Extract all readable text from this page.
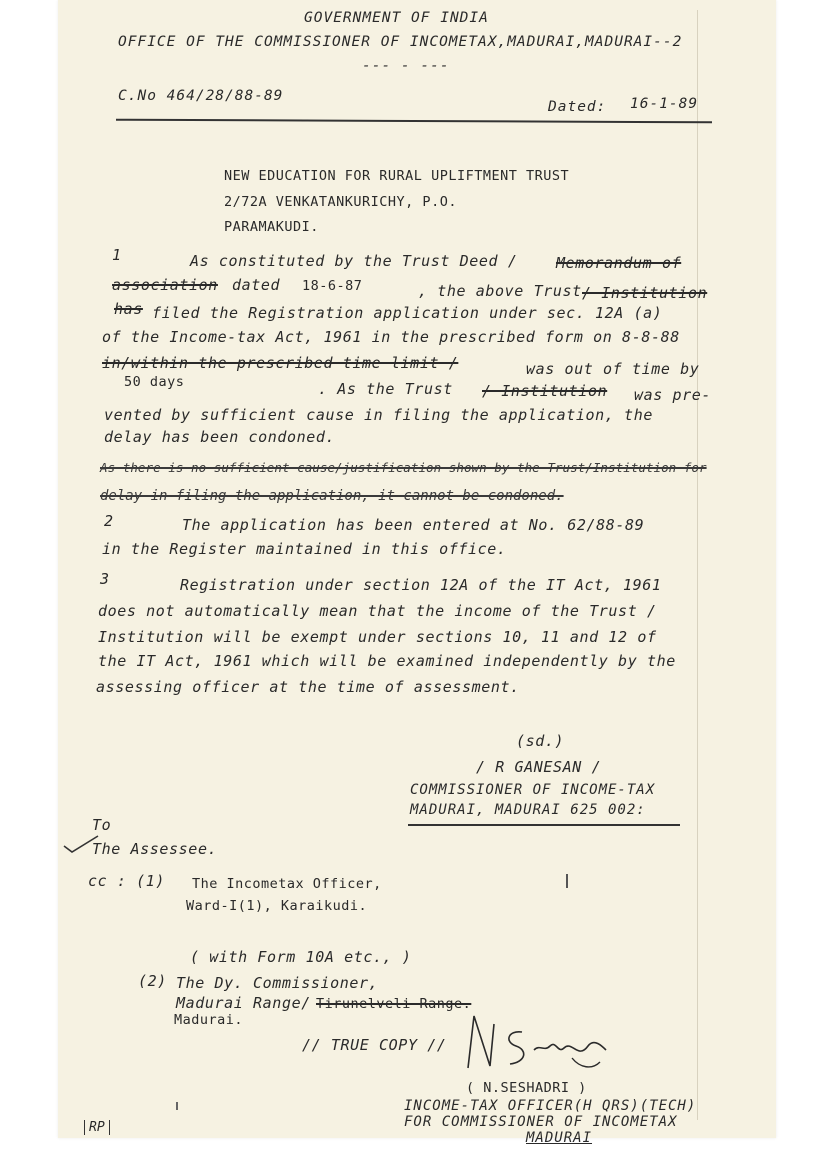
GOVERNMENT OF INDIA
OFFICE OF THE COMMISSIONER OF INCOMETAX,MADURAI,MADURAI--2
--- - ---
C.No 464/28/88-89
Dated: 16-1-89
NEW EDUCATION FOR RURAL UPLIFTMENT TRUST
2/72A VENKATANKURICHY, P.O.
PARAMAKUDI.
1	As constituted by the Trust Deed /	Memorandum of
association dated 18-6-87	, the above Trust / Institution
has filed the Registration application under sec. 12A (a)
of the Income-tax Act, 1961 in the prescribed form on 8-8-88
in/within the prescribed time limit /	was out of time by
50 days	. As the Trust / Institution was pre-
vented by sufficient cause in filing the application, the
delay has been condoned.
As there is no sufficient cause/justification shown by the Trust/Institution for
delay in filing the application, it cannot be condoned.
2	The application has been entered at No. 62/88-89
in the Register maintained in this office.
3	Registration under section 12A of the IT Act, 1961
does not automatically mean that the income of the Trust /
Institution will be exempt under sections 10, 11 and 12 of
the IT Act, 1961 which will be examined independently by the
assessing officer at the time of assessment.
(sd.)
/ R GANESAN /
COMMISSIONER OF INCOME-TAX
MADURAI, MADURAI 625 002:
To
The Assessee.
cc : (1) The Incometax Officer,
Ward-I(1), Karaikudi.
( with Form 10A etc., )
(2) The Dy. Commissioner,
Madurai Range/ Tirunelveli Range.
Madurai.
// TRUE COPY //
( N.SESHADRI )
INCOME-TAX OFFICER(H QRS)(TECH)
FOR COMMISSIONER OF INCOMETAX
MADURAI
RP
